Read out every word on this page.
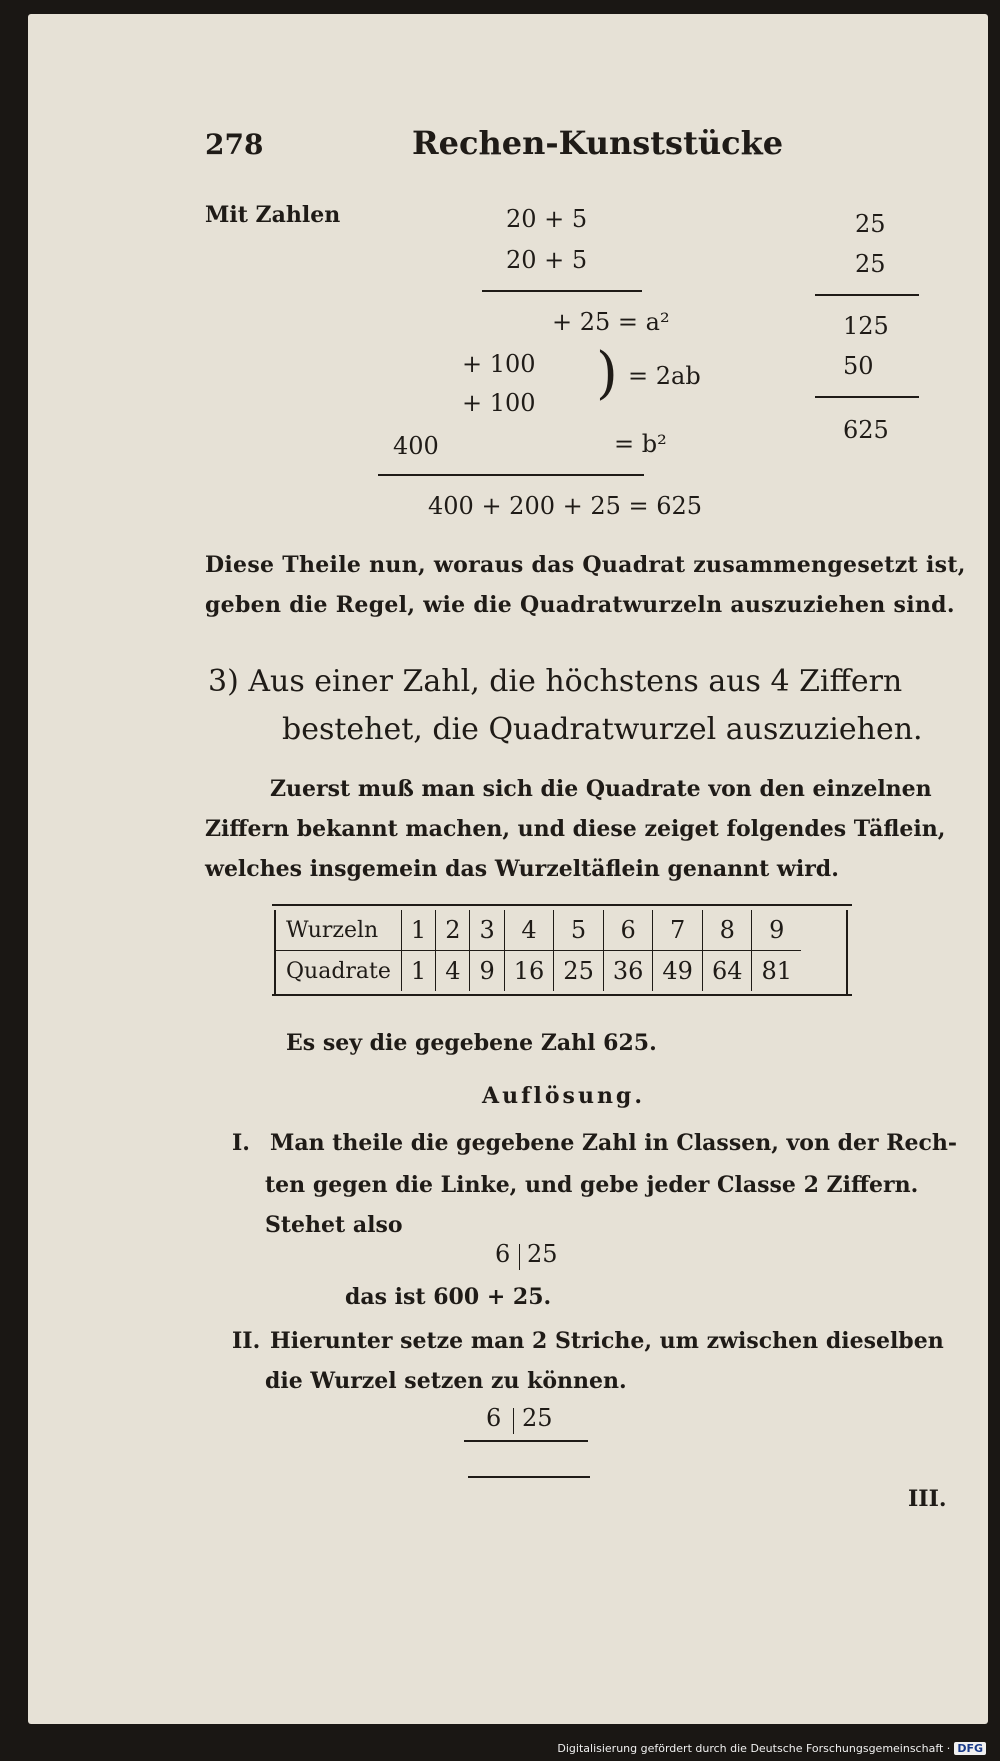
278	Rechen-Kunststücke
Mit Zahlen	20 + 5
20 + 5
+ 25 = a²
+ 100
+ 100 ) = 2ab
400	= b²
400 + 200 + 25 = 625
25
25
125
50
625
Diese Theile nun, woraus das Quadrat zusammengesetzt ist,
geben die Regel, wie die Quadratwurzeln auszuziehen sind.
3) Aus einer Zahl, die höchstens aus 4 Ziffern
bestehet, die Quadratwurzel auszuziehen.
Zuerst muß man sich die Quadrate von den einzelnen
Ziffern bekannt machen, und diese zeiget folgendes Täflein,
welches insgemein das Wurzeltäflein genannt wird.
Wurzeln	1	2	3	4	5	6	7	8	9
Quadrate	1	4	9	16	25	36	49	64	81
Es sey die gegebene Zahl 625.
Auflösung.
I. Man theile die gegebene Zahl in Classen, von der Rech-
ten gegen die Linke, und gebe jeder Classe 2 Ziffern.
Stehet also
6 25
das ist 600 + 25.
II. Hierunter setze man 2 Striche, um zwischen dieselben
die Wurzel setzen zu können.
6 25
III.
Digitalisierung gefördert durch die Deutsche Forschungsgemeinschaft · DFG
